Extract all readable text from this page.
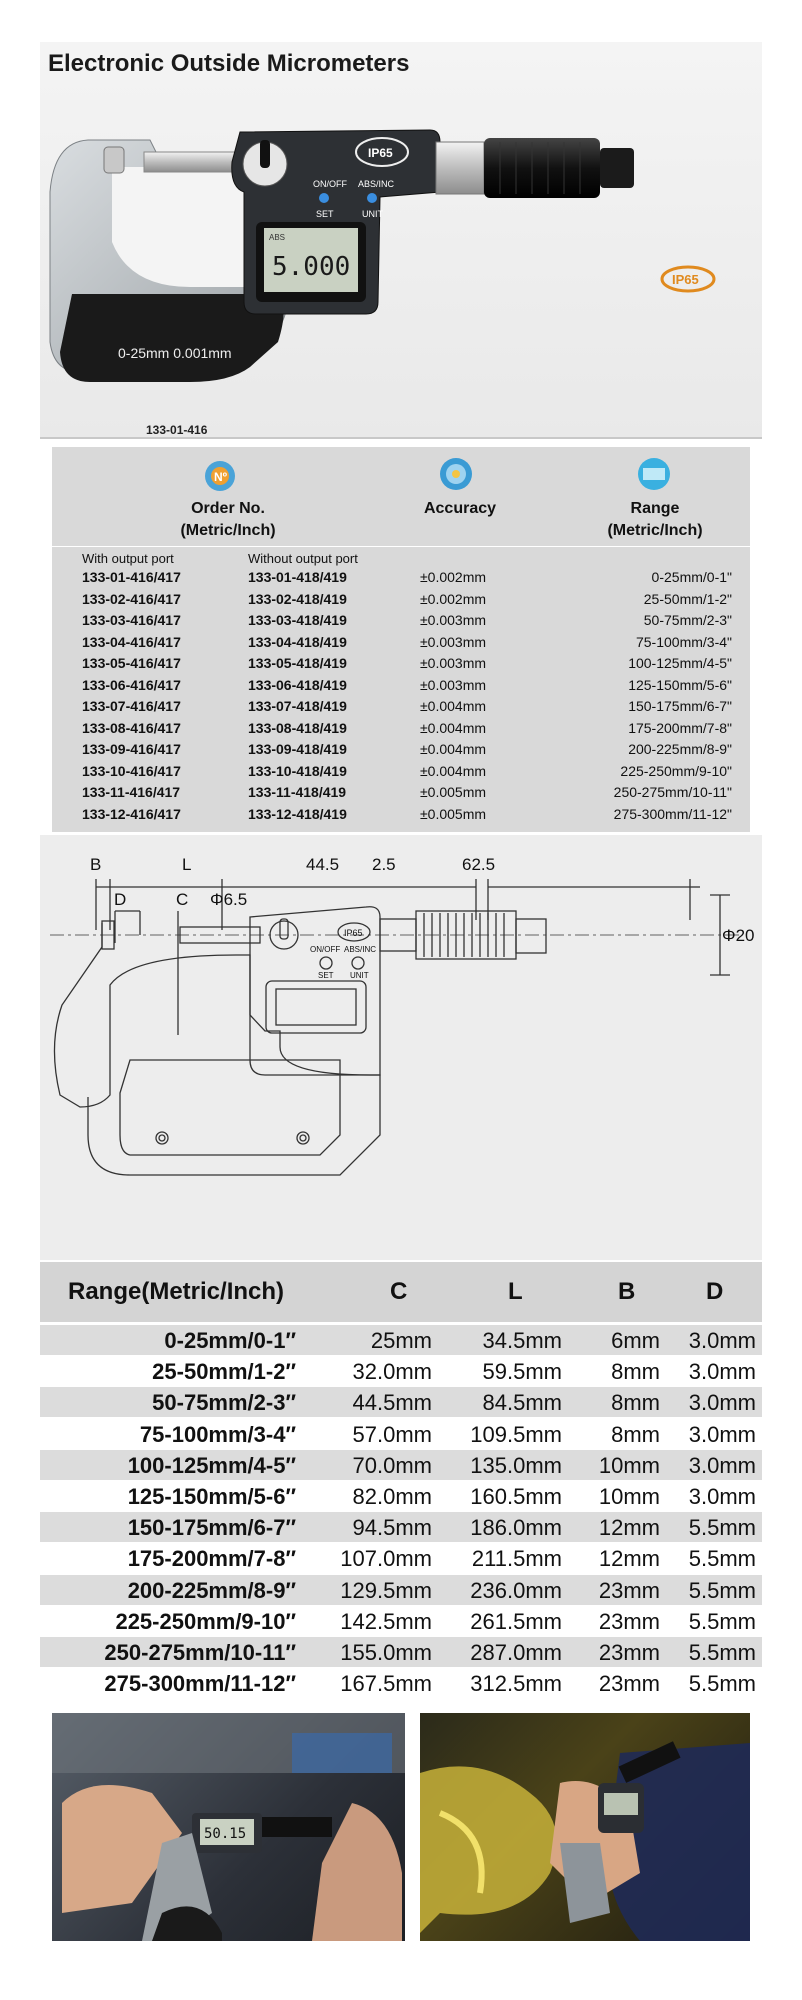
Electronic Outside Micrometers
0-25mm 0.001mm
IP65
ON/OFF ABS/INC
SET	UNIT
ABS
5.000	IP65
133-01-416
Nº
Order No.
(Metric/Inch)
Accuracy	Range
(Metric/Inch)
With output port	Without output port
133-01-416/417	133-01-418/419	±0.002mm	0-25mm/0-1"
133-02-416/417	133-02-418/419	±0.002mm	25-50mm/1-2"
133-03-416/417	133-03-418/419	±0.003mm	50-75mm/2-3"
133-04-416/417	133-04-418/419	±0.003mm	75-100mm/3-4"
133-05-416/417	133-05-418/419	±0.003mm	100-125mm/4-5"
133-06-416/417	133-06-418/419	±0.003mm	125-150mm/5-6"
133-07-416/417	133-07-418/419	±0.004mm	150-175mm/6-7"
133-08-416/417	133-08-418/419	±0.004mm	175-200mm/7-8"
133-09-416/417	133-09-418/419	±0.004mm	200-225mm/8-9"
133-10-416/417	133-10-418/419	±0.004mm	225-250mm/9-10"
133-11-416/417	133-11-418/419	±0.005mm	250-275mm/10-11"
133-12-416/417	133-12-418/419	±0.005mm	275-300mm/11-12"
B	L	44.5 2.5	62.5
D	C Φ6.5
Φ20
IP65
ON/OFF ABS/INC
SET UNIT
Range(Metric/Inch)	C	L	B	D
0-25mm/0-1″	25mm 34.5mm 6mm 3.0mm
25-50mm/1-2″	32.0mm 59.5mm 8mm 3.0mm
50-75mm/2-3″	44.5mm 84.5mm 8mm 3.0mm
75-100mm/3-4″	57.0mm 109.5mm 8mm 3.0mm
100-125mm/4-5″	70.0mm 135.0mm 10mm 3.0mm
125-150mm/5-6″	82.0mm 160.5mm 10mm 3.0mm
150-175mm/6-7″	94.5mm 186.0mm 12mm 5.5mm
175-200mm/7-8″ 107.0mm 211.5mm 12mm 5.5mm
200-225mm/8-9″ 129.5mm 236.0mm 23mm 5.5mm
225-250mm/9-10″ 142.5mm 261.5mm 23mm 5.5mm
250-275mm/10-11″ 155.0mm 287.0mm 23mm 5.5mm
275-300mm/11-12″ 167.5mm 312.5mm 23mm 5.5mm
50.15
